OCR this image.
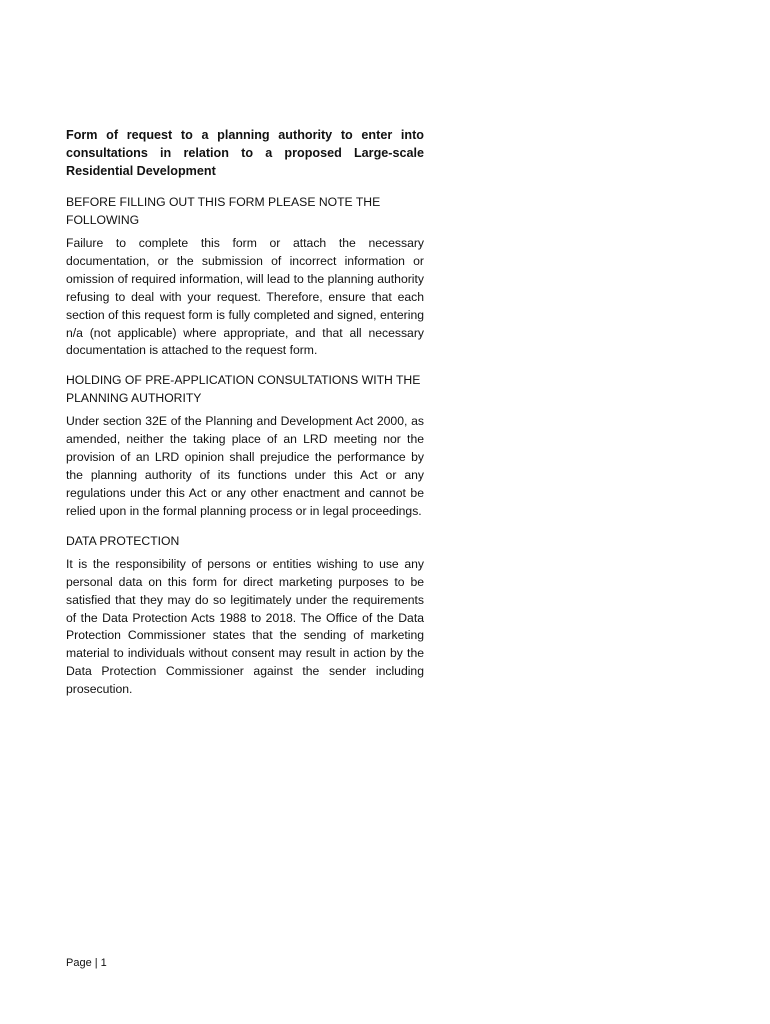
Form of request to a planning authority to enter into consultations in relation to a proposed Large-scale Residential Development

BEFORE FILLING OUT THIS FORM PLEASE NOTE THE FOLLOWING

Failure to complete this form or attach the necessary documentation, or the submission of incorrect information or omission of required information, will lead to the planning authority refusing to deal with your request. Therefore, ensure that each section of this request form is fully completed and signed, entering n/a (not applicable) where appropriate, and that all necessary documentation is attached to the request form.

HOLDING OF PRE-APPLICATION CONSULTATIONS WITH THE PLANNING AUTHORITY

Under section 32E of the Planning and Development Act 2000, as amended, neither the taking place of an LRD meeting nor the provision of an LRD opinion shall prejudice the performance by the planning authority of its functions under this Act or any regulations under this Act or any other enactment and cannot be relied upon in the formal planning process or in legal proceedings.

DATA PROTECTION

It is the responsibility of persons or entities wishing to use any personal data on this form for direct marketing purposes to be satisfied that they may do so legitimately under the requirements of the Data Protection Acts 1988 to 2018. The Office of the Data Protection Commissioner states that the sending of marketing material to individuals without consent may result in action by the Data Protection Commissioner against the sender including prosecution.

Page | 1
